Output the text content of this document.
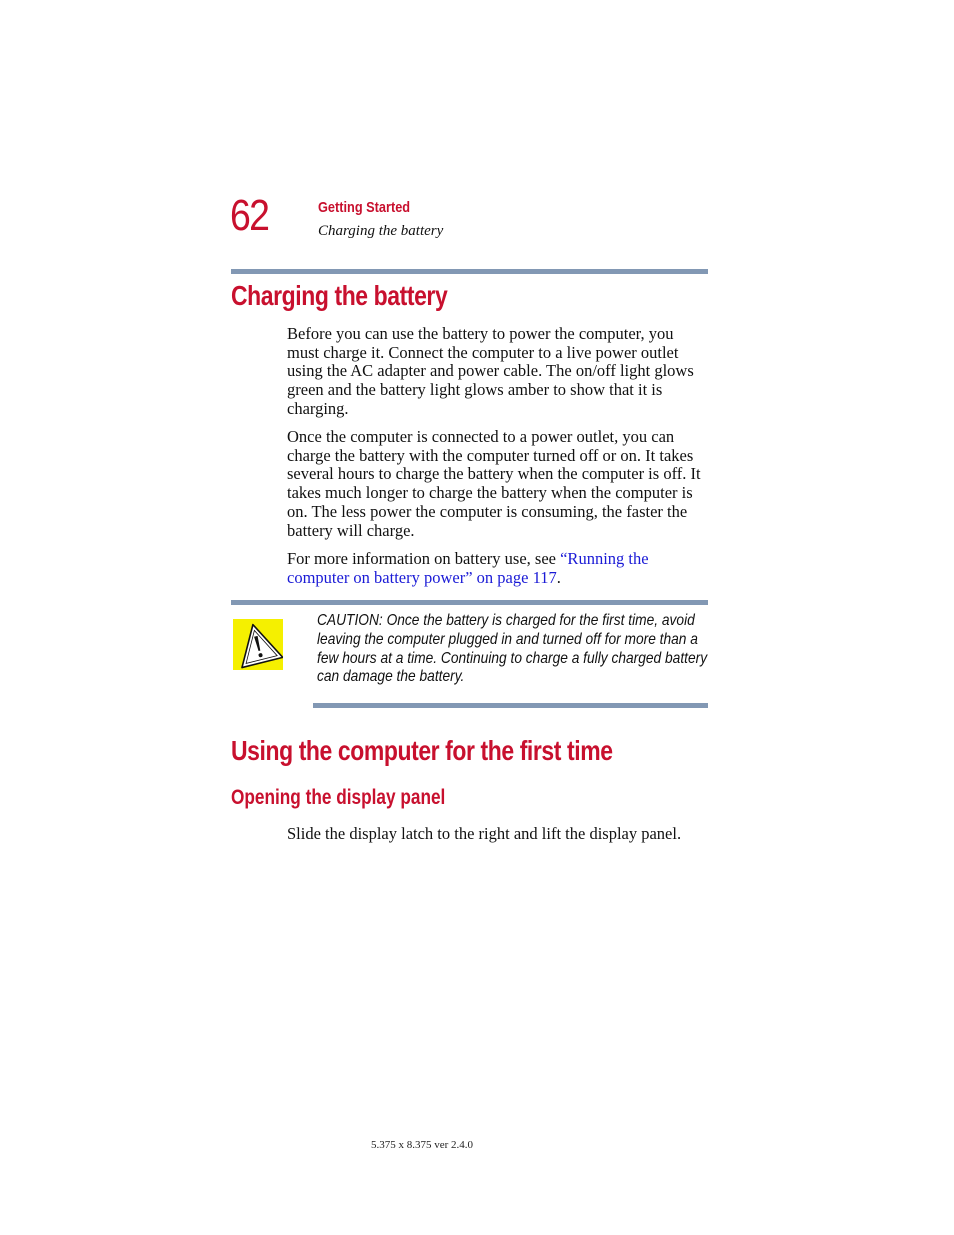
62	Getting Started
Charging the battery
Charging the battery
Before you can use the battery to power the computer, you must charge it. Connect the computer to a live power outlet using the AC adapter and power cable. The on/off light glows green and the battery light glows amber to show that it is charging.
Once the computer is connected to a power outlet, you can charge the battery with the computer turned off or on. It takes several hours to charge the battery when the computer is off. It takes much longer to charge the battery when the computer is on. The less power the computer is consuming, the faster the battery will charge.
For more information on battery use, see “Running the computer on battery power” on page 117.
CAUTION: Once the battery is charged for the first time, avoid leaving the computer plugged in and turned off for more than a few hours at a time. Continuing to charge a fully charged battery can damage the battery.
Using the computer for the first time
Opening the display panel
Slide the display latch to the right and lift the display panel.
5.375 x 8.375 ver 2.4.0
